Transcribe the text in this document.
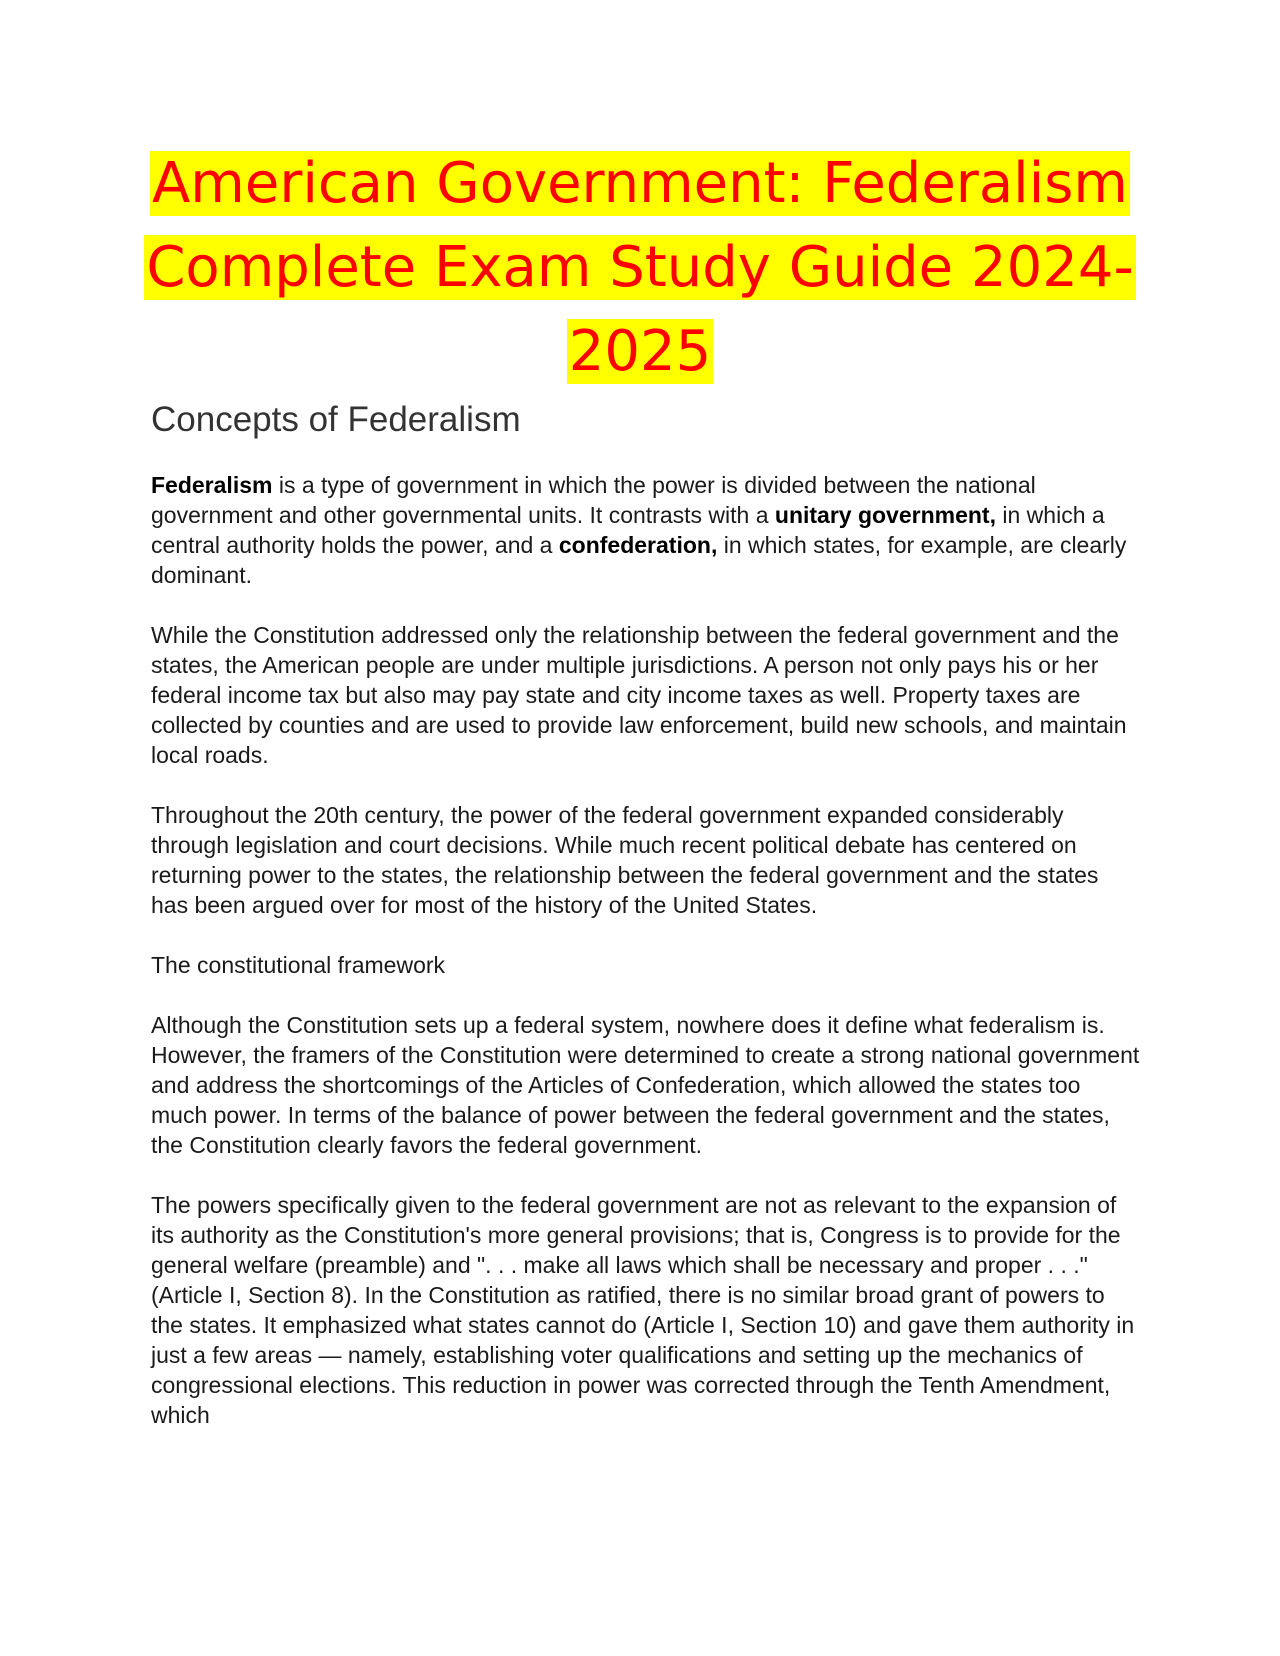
American Government: Federalism
Complete Exam Study Guide 2024-
2025
Concepts of Federalism

Federalism is a type of government in which the power is divided between the national government and other governmental units. It contrasts with a unitary government, in which a central authority holds the power, and a confederation, in which states, for example, are clearly dominant.

While the Constitution addressed only the relationship between the federal government and the states, the American people are under multiple jurisdictions. A person not only pays his or her federal income tax but also may pay state and city income taxes as well. Property taxes are collected by counties and are used to provide law enforcement, build new schools, and maintain local roads.

Throughout the 20th century, the power of the federal government expanded considerably through legislation and court decisions. While much recent political debate has centered on returning power to the states, the relationship between the federal government and the states has been argued over for most of the history of the United States.

The constitutional framework

Although the Constitution sets up a federal system, nowhere does it define what federalism is. However, the framers of the Constitution were determined to create a strong national government and address the shortcomings of the Articles of Confederation, which allowed the states too much power. In terms of the balance of power between the federal government and the states, the Constitution clearly favors the federal government.

The powers specifically given to the federal government are not as relevant to the expansion of its authority as the Constitution's more general provisions; that is, Congress is to provide for the general welfare (preamble) and ". . . make all laws which shall be necessary and proper . . ." (Article I, Section 8). In the Constitution as ratified, there is no similar broad grant of powers to the states. It emphasized what states cannot do (Article I, Section 10) and gave them authority in just a few areas — namely, establishing voter qualifications and setting up the mechanics of congressional elections. This reduction in power was corrected through the Tenth Amendment, which
